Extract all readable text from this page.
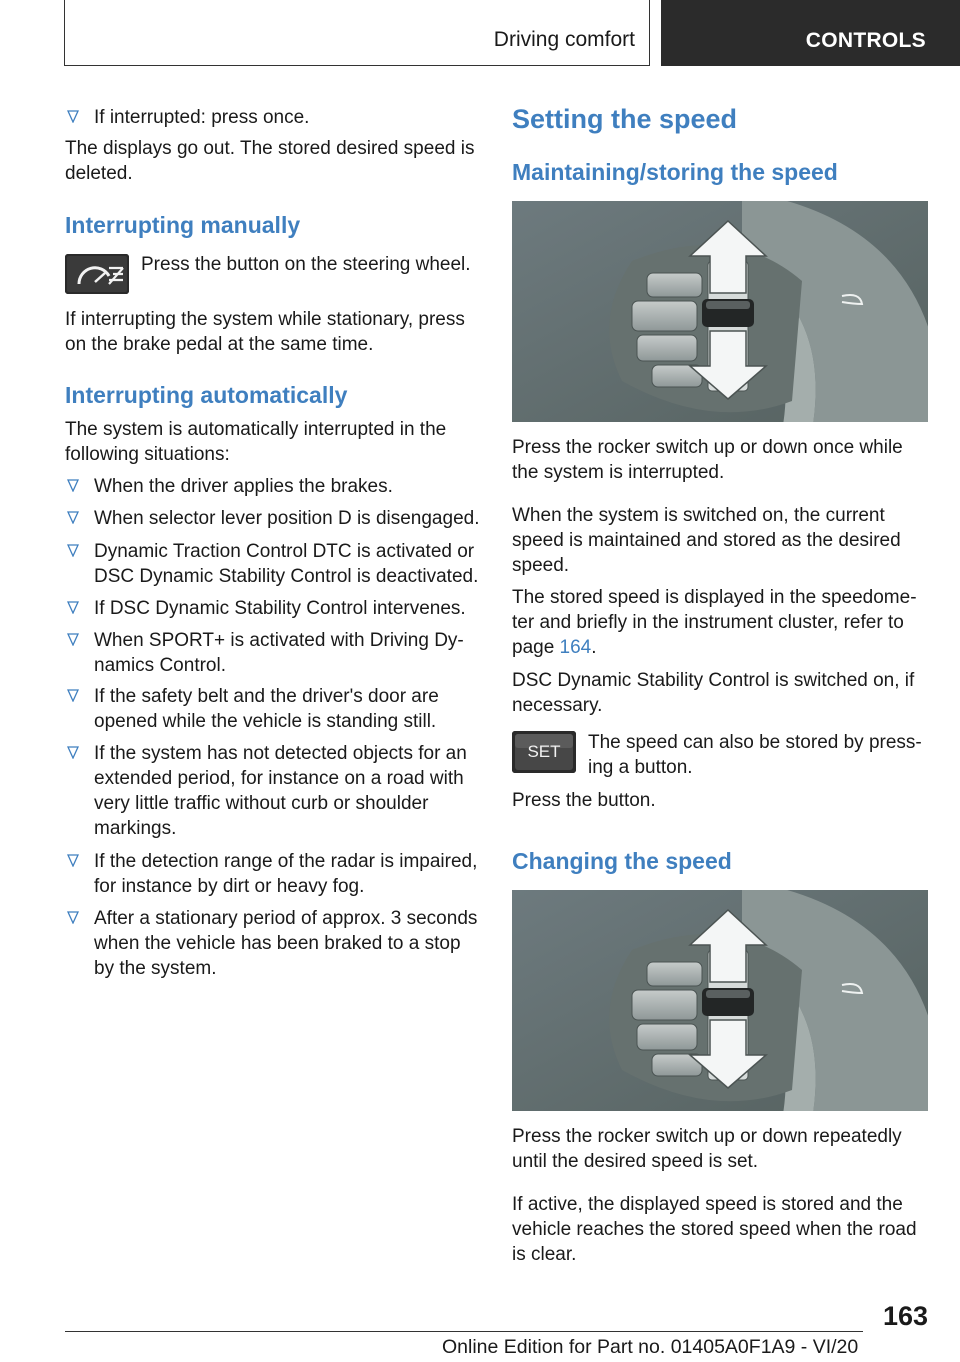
Driving comfort	CONTROLS
If interrupted: press once.

The displays go out. The stored desired speed is deleted.

Interrupting manually

Press the button on the steering wheel.

If interrupting the system while stationary, press on the brake pedal at the same time.

Interrupting automatically

The system is automatically interrupted in the following situations:

When the driver applies the brakes.
When selector lever position D is disengaged.
Dynamic Traction Control DTC is activated or DSC Dynamic Stability Control is deactivated.
If DSC Dynamic Stability Control intervenes.
When SPORT+ is activated with Driving Dy‐ namics Control.
If the safety belt and the driver's door are opened while the vehicle is standing still.
If the system has not detected objects for an extended period, for instance on a road with very little traffic without curb or shoulder markings.
If the detection range of the radar is impaired, for instance by dirt or heavy fog.
After a stationary period of approx. 3 seconds when the vehicle has been braked to a stop by the system.
Setting the speed
Maintaining/storing the speed

Press the rocker switch up or down once while the system is interrupted.

When the system is switched on, the current speed is maintained and stored as the desired speed.

The stored speed is displayed in the speedome‐ ter and briefly in the instrument cluster, refer to page 164.

DSC Dynamic Stability Control is switched on, if necessary.

SET	The speed can also be stored by press‐ ing a button.

Press the button.

Changing the speed

Press the rocker switch up or down repeatedly until the desired speed is set.

If active, the displayed speed is stored and the vehicle reaches the stored speed when the road is clear.

163
Online Edition for Part no. 01405A0F1A9 - VI/20
